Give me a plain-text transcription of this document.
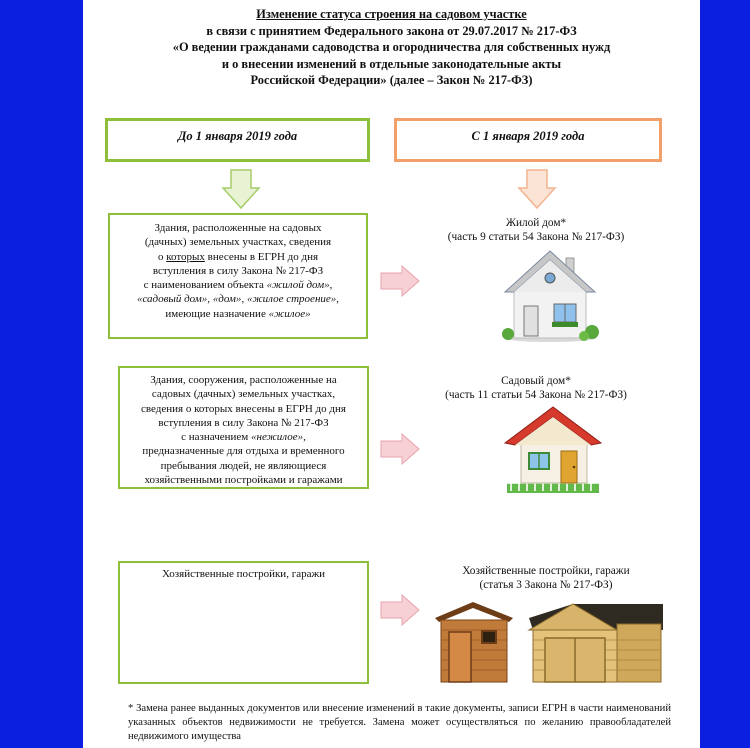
Изменение статуса строения на садовом участке
в связи с принятием Федерального закона от 29.07.2017 № 217-ФЗ
«О ведении гражданами садоводства и огородничества для собственных нужд
и о внесении изменений в отдельные законодательные акты
Российской Федерации» (далее – Закон № 217-ФЗ)
До 1 января 2019 года	С 1 января 2019 года
Здания, расположенные на садовых
(дачных) земельных участках, сведения
о которых внесены в ЕГРН до дня
вступления в силу Закона № 217-ФЗ
с наименованием объекта «жилой дом»,
«садовый дом», «дом», «жилое строение»,
имеющие назначение «жилое»
Жилой дом*
(часть 9 статьи 54 Закона № 217-ФЗ)
Здания, сооружения, расположенные на
садовых (дачных) земельных участках,
сведения о которых внесены в ЕГРН до дня
вступления в силу Закона № 217-ФЗ
с назначением «нежилое»,
предназначенные для отдыха и временного
пребывания людей, не являющиеся
хозяйственными постройками и гаражами
Садовый дом*
(часть 11 статьи 54 Закона № 217-ФЗ)
Хозяйственные постройки, гаражи	Хозяйственные постройки, гаражи
(статья 3 Закона № 217-ФЗ)
* Замена ранее выданных документов или внесение изменений в такие документы, записи ЕГРН в части наименований указанных объектов недвижимости не требуется. Замена может осуществляться по желанию правообладателей недвижимого имущества
